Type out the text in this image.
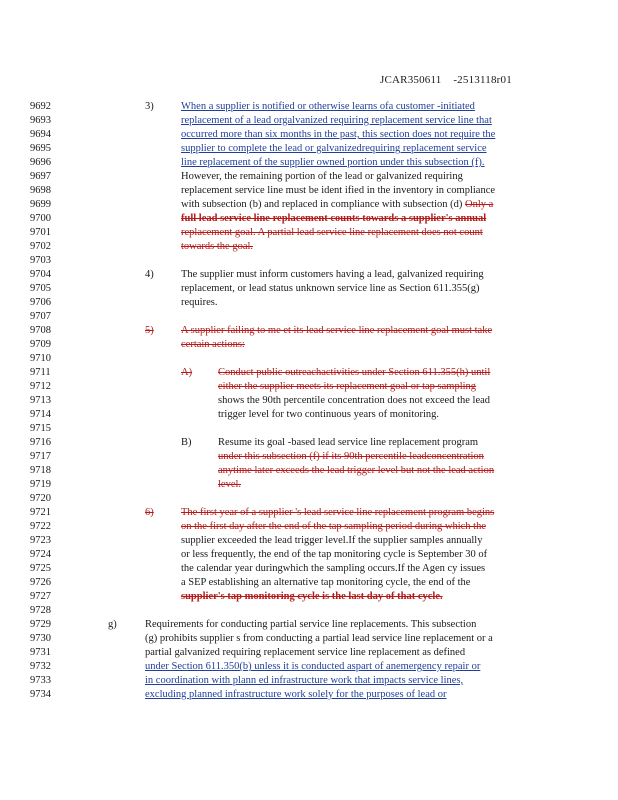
JCAR350611 -2513118r01
9692
9693
9694
9695
9696
9697
9698
9699
9700
9701
9702
9703
9704
9705
9706
9707
9708
9709
9710
9711
9712
9713
9714
9715
9716
9717
9718
9719
9720
9721
9722
9723
9724
9725
9726
9727
9728
9729
9730
9731
9732
9733
9734
3)	When a supplier is notified or otherwise learns ofa customer -initiated
replacement of a lead orgalvanized requiring replacement service line that
occurred more than six months in the past, this section does not require the
supplier to complete the lead or galvanizedrequiring replacement service
line replacement of the supplier owned portion under this subsection (f).
However, the remaining portion of the lead or galvanized requiring
replacement service line must be ident ified in the inventory in compliance
with subsection (b) and replaced in compliance with subsection (d) Only a
full lead service line replacement counts towards a supplier's annual
replacement goal. A partial lead service line replacement does not count
towards the goal.
4)	The supplier must inform customers having a lead, galvanized requiring
replacement, or lead status unknown service line as Section 611.355(g)
requires.
5)	A supplier failing to me et its lead service line replacement goal must take
certain actions:
A) Conduct public outreachactivities under Section 611.355(h) until
either the supplier meets its replacement goal or tap sampling
shows the 90th percentile concentration does not exceed the lead
trigger level for two continuous years of monitoring.
B)	Resume its goal -based lead service line replacement program
under this subsection (f) if its 90th percentile leadconcentration
anytime later exceeds the lead trigger level but not the lead action
level.
6)	The first year of a supplier 's lead service line replacement program begins
on the first day after the end of the tap sampling period during which the
supplier exceeded the lead trigger level.If the supplier samples annually
or less frequently, the end of the tap monitoring cycle is September 30 of
the calendar year duringwhich the sampling occurs.If the Agen cy issues
a SEP establishing an alternative tap monitoring cycle, the end of the
supplier's tap monitoring cycle is the last day of that cycle.
g)	Requirements for conducting partial service line replacements. This subsection
(g) prohibits supplier s from conducting a partial lead service line replacement or a
partial galvanized requiring replacement service line replacement as defined
under Section 611.350(b) unless it is conducted aspart of anemergency repair or
in coordination with plann ed infrastructure work that impacts service lines,
excluding planned infrastructure work solely for the purposes of lead or
